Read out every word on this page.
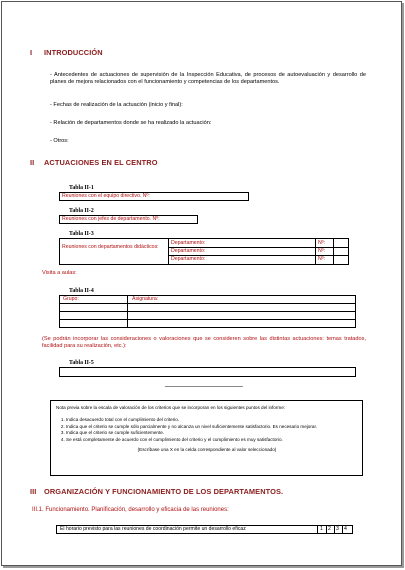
I INTRODUCCIÓN
- Antecedentes de actuaciones de supervisión de la Inspección Educativa, de procesos de autoevaluación y desarrollo de planes de mejora relacionados con el funcionamiento y competencias de los departamentos.
- Fechas de realización de la actuación (inicio y final):
- Relación de departamentos donde se ha realizado la actuación:
- Otros:
II ACTUACIONES EN EL CENTRO
Tabla II-1
Reuniones con el equipo directivo. Nº:
Tabla II-2
Reuniones con jefes de departamento. Nº:
Tabla II-3
Reuniones con departamentos didácticos:
Departamento:
Departamento:
Departamento:
Nº:
Nº:
Nº:
Visita a aulas:
Tabla II-4
Grupo:	Asignatura:
(Se podrán incorporar las consideraciones o valoraciones que se consideren sobre las distintas actuaciones: temas tratados, facilidad para su realización, etc.):
Tabla II-5
_____________________
Nota previa sobre la escala de valoración de los criterios que se incorporan en los siguientes puntos del informe:
1. Indica desacuerdo total con el cumplimiento del criterio.
2. Indica que el criterio se cumple sólo parcialmente y no alcanza un nivel suficientemente satisfactorio. Es necesario mejorar.
3. Indica que el criterio se cumple suficientemente.
4. Se está completamente de acuerdo con el cumplimiento del criterio y el cumplimiento es muy satisfactorio.
(Escríbase una X en la celda correspondiente al valor seleccionado)
III ORGANIZACIÓN Y FUNCIONAMIENTO DE LOS DEPARTAMENTOS.
III.1. Funcionamiento. Planificación, desarrollo y eficacia de las reuniones:
El horario previsto para las reuniones de coordinación permite un desarrollo eficaz	1 2 3 4
